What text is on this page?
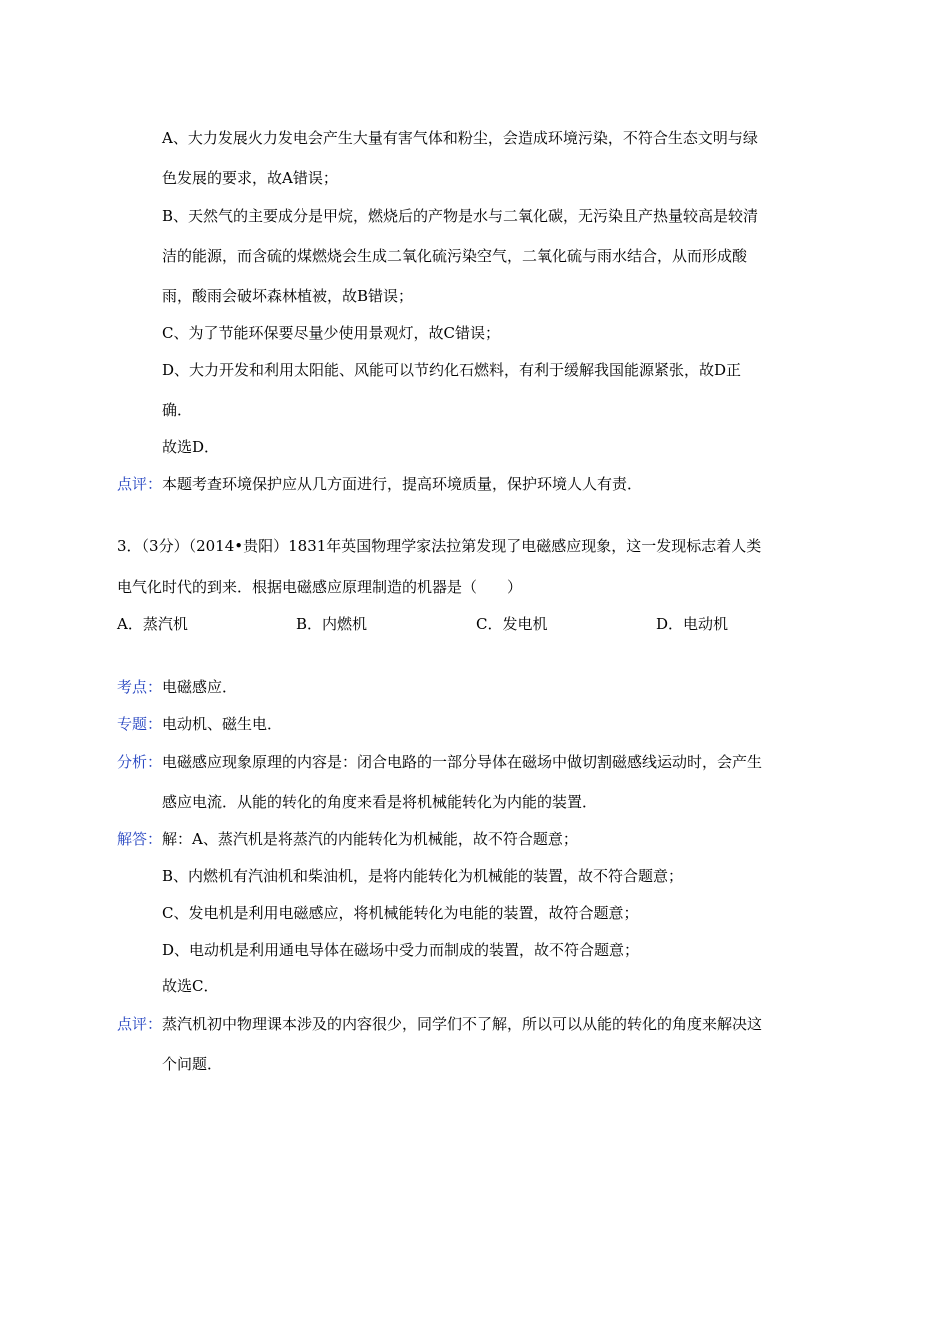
A、大力发展火力发电会产生大量有害气体和粉尘，会造成环境污染，不符合生态文明与绿
色发展的要求，故A错误；
B、天然气的主要成分是甲烷，燃烧后的产物是水与二氧化碳，无污染且产热量较高是较清
洁的能源，而含硫的煤燃烧会生成二氧化硫污染空气，二氧化硫与雨水结合，从而形成酸
雨，酸雨会破坏森林植被，故B错误；
C、为了节能环保要尽量少使用景观灯，故C错误；
D、大力开发和利用太阳能、风能可以节约化石燃料，有利于缓解我国能源紧张，故D正
确．
故选D．
点评：本题考查环境保护应从几方面进行，提高环境质量，保护环境人人有责．
3．（3分）（2014•贵阳）1831年英国物理学家法拉第发现了电磁感应现象，这一发现标志着人类
电气化时代的到来．根据电磁感应原理制造的机器是（　　）
A．蒸汽机	B．内燃机	C．发电机	D．电动机
考点：电磁感应．
专题：电动机、磁生电．
分析：电磁感应现象原理的内容是：闭合电路的一部分导体在磁场中做切割磁感线运动时，会产生
感应电流．从能的转化的角度来看是将机械能转化为内能的装置．
解答：解：A、蒸汽机是将蒸汽的内能转化为机械能，故不符合题意；
B、内燃机有汽油机和柴油机，是将内能转化为机械能的装置，故不符合题意；
C、发电机是利用电磁感应，将机械能转化为电能的装置，故符合题意；
D、电动机是利用通电导体在磁场中受力而制成的装置，故不符合题意；
故选C．
点评：蒸汽机初中物理课本涉及的内容很少，同学们不了解，所以可以从能的转化的角度来解决这
个问题．
